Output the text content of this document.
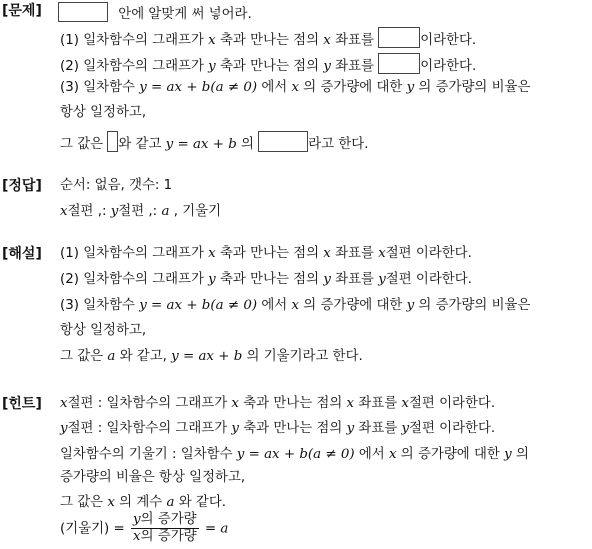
[문제]	안에 알맞게 써 넣어라.
(1) 일차함수의 그래프가 x 축과 만나는 점의 x 좌표를	이라한다.
(2) 일차함수의 그래프가 y 축과 만나는 점의 y 좌표를	이라한다.
(3) 일차함수 y = ax + b(a ≠ 0) 에서 x 의 증가량에 대한 y 의 증가량의 비율은
항상 일정하고,
그 값은 와 같고 y = ax + b 의	라고 한다.
[정답] 순서: 없음, 갯수: 1
x절편 ,: y절편 ,: a , 기울기
[해설] (1) 일차함수의 그래프가 x 축과 만나는 점의 x 좌표를 x절편 이라한다.
(2) 일차함수의 그래프가 y 축과 만나는 점의 y 좌표를 y절편 이라한다.
(3) 일차함수 y = ax + b(a ≠ 0) 에서 x 의 증가량에 대한 y 의 증가량의 비율은
항상 일정하고,
그 값은 a 와 같고, y = ax + b 의 기울기라고 한다.
[힌트] x절편 : 일차함수의 그래프가 x 축과 만나는 점의 x 좌표를 x절편 이라한다.
y절편 : 일차함수의 그래프가 y 축과 만나는 점의 y 좌표를 y절편 이라한다.
일차함수의 기울기 : 일차함수 y = ax + b(a ≠ 0) 에서 x 의 증가량에 대한 y 의
증가량의 비율은 항상 일정하고,
그 값은 x 의 계수 a 와 같다.
(기울기) = $\frac{\text{y의 증가량}}{\text{x의 증가량}} = a$
